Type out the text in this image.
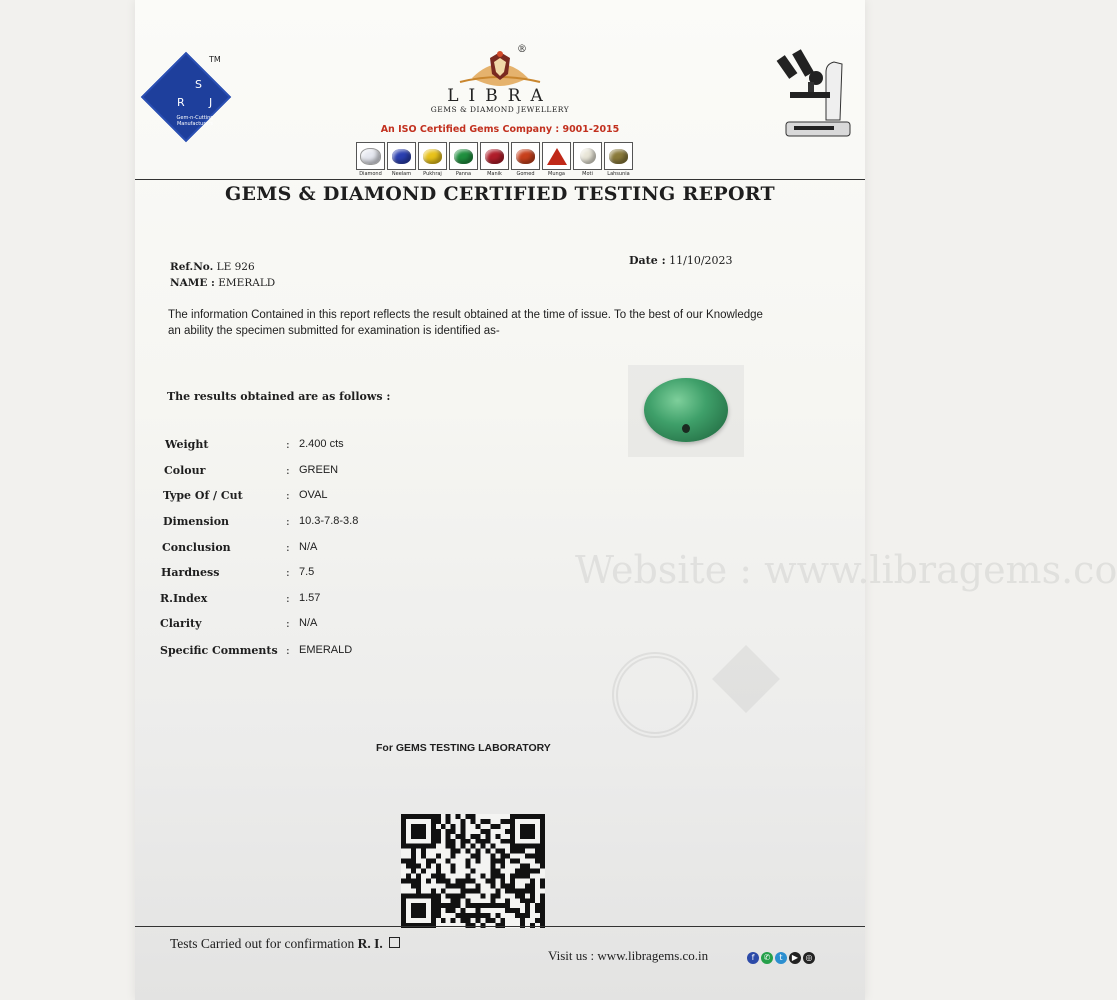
Website : www.libragems.co
S
R J
Gem-n-Cutting Manufacturers
TM
®
LIBRA
GEMS & DIAMOND JEWELLERY
An ISO Certified Gems Company : 9001-2015
Diamond	Neelam	Pukhraj	Panna	Manik	Gomed	Munga	Moti	Lahsunia
GEMS & DIAMOND CERTIFIED TESTING REPORT
Ref.No. LE 926
NAME : EMERALD
Date : 11/10/2023
The information Contained in this report reflects the result obtained at the time of issue. To the best of our Knowledge an ability the specimen submitted for examination is identified as-
The results obtained are as follows :
Weight	: 2.400 cts
Colour	: GREEN
Type Of / Cut	: OVAL
Dimension	: 10.3-7.8-3.8
Conclusion	: N/A
Hardness	: 7.5
R.Index	: 1.57
Clarity	: N/A
Specific Comments : EMERALD
For GEMS TESTING LABORATORY
Tests Carried out for confirmation R. I.
Visit us : www.libragems.co.in	f	✆	t	▶ ◎
